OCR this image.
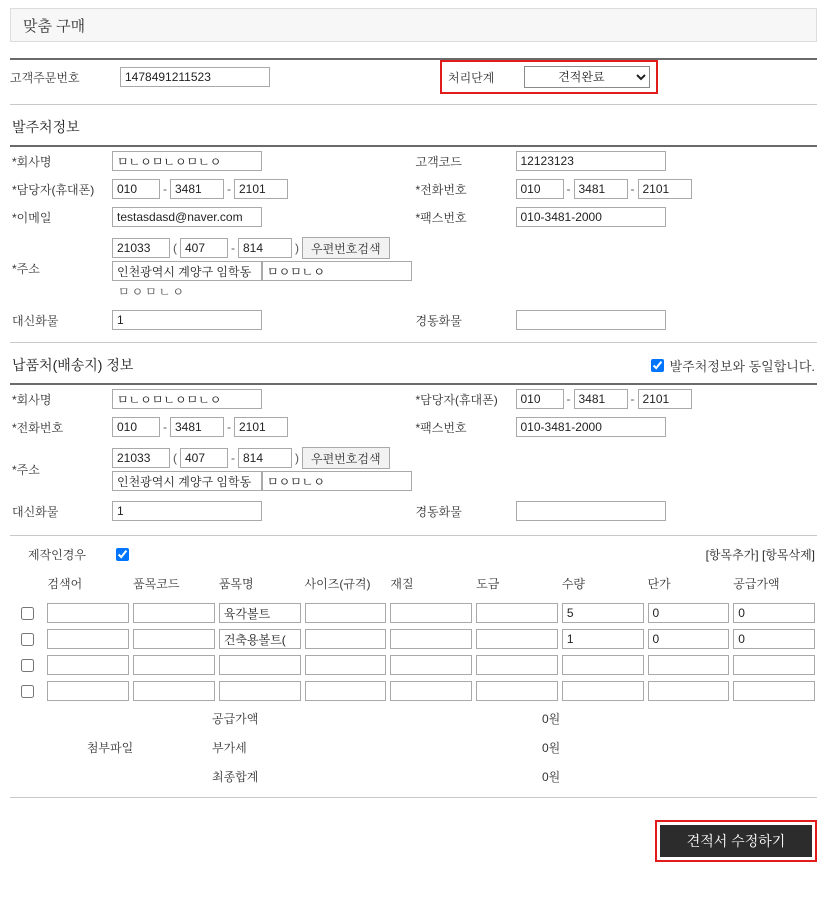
맞춤 구매
고객주문번호
1478491211523	처리단계
견적완료
발주처정보
*회사명	ㅁㄴㅇㅁㄴㅇㅁㄴㅇ	고객코드	12123123
*담당자(휴대폰)	010-3481 -2101	*전화번호	010-3481 -2101
*이메일	testasdasd@naver.com	*팩스번호	010-3481-2000
*주소	
21033
(
407 -
814 ) 우편번호검색
인천광역시 계양구 임학동
ㅁㅇㅁㄴㅇ
ㅁㅇㅁㄴㅇ

대신화물	1	경동화물	
납품처(배송지) 정보	발주처정보와 동일합니다.
*회사명	ㅁㄴㅇㅁㄴㅇㅁㄴㅇ	*담당자(휴대폰)	010-3481 -2101
*전화번호	010-3481 -2101	*팩스번호	010-3481-2000
*주소	
21033
(
407 -
814 ) 우편번호검색
인천광역시 계양구 임학동
ㅁㅇㅁㄴㅇ

대신화물	1	경동화물	
제작인경우	[항목추가] [항목삭제]
	검색어	품목코드	품목명	사이즈(규격)	재질	도금	수량	단가	공급가액
			육각볼트				5	0	0
			건축용볼트(				1	0	0

첨부파일	공급가액	0원
	부가세	0원
	최종합계	0원
견적서 수정하기
